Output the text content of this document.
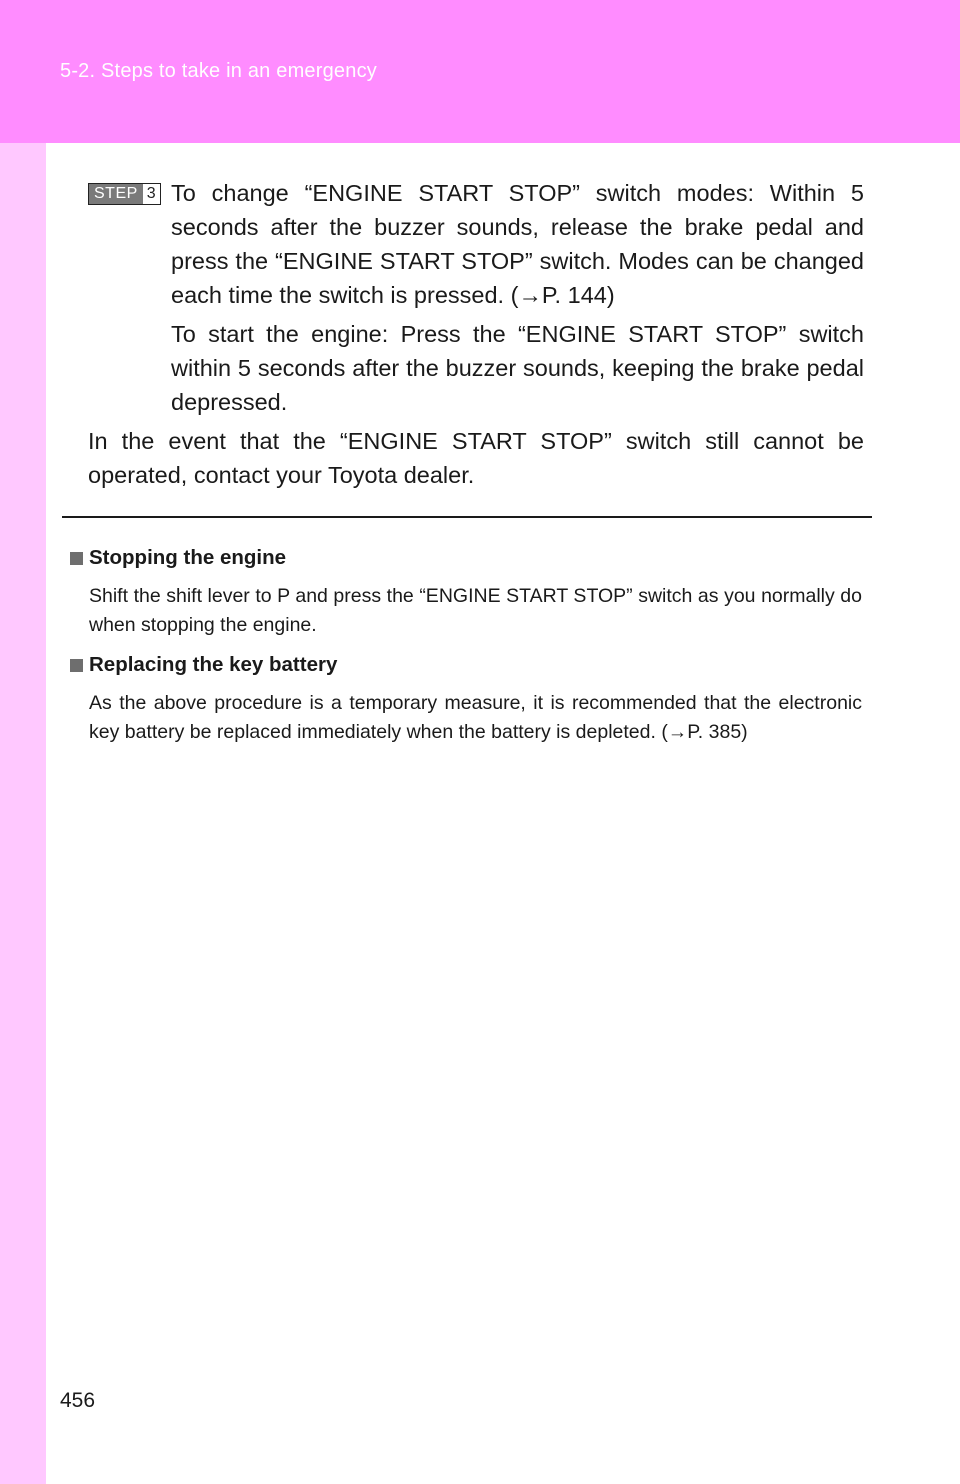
5-2. Steps to take in an emergency
STEP 3 To change “ENGINE START STOP” switch modes: Within 5 seconds after the buzzer sounds, release the brake pedal and press the “ENGINE START STOP” switch. Modes can be changed each time the switch is pressed. (→P. 144)

To start the engine: Press the “ENGINE START STOP” switch within 5 seconds after the buzzer sounds, keeping the brake pedal depressed.

In the event that the “ENGINE START STOP” switch still cannot be operated, contact your Toyota dealer.

Stopping the engine

Shift the shift lever to P and press the “ENGINE START STOP” switch as you normally do when stopping the engine.

Replacing the key battery

As the above procedure is a temporary measure, it is recommended that the electronic key battery be replaced immediately when the battery is depleted. (→P. 385)

456
